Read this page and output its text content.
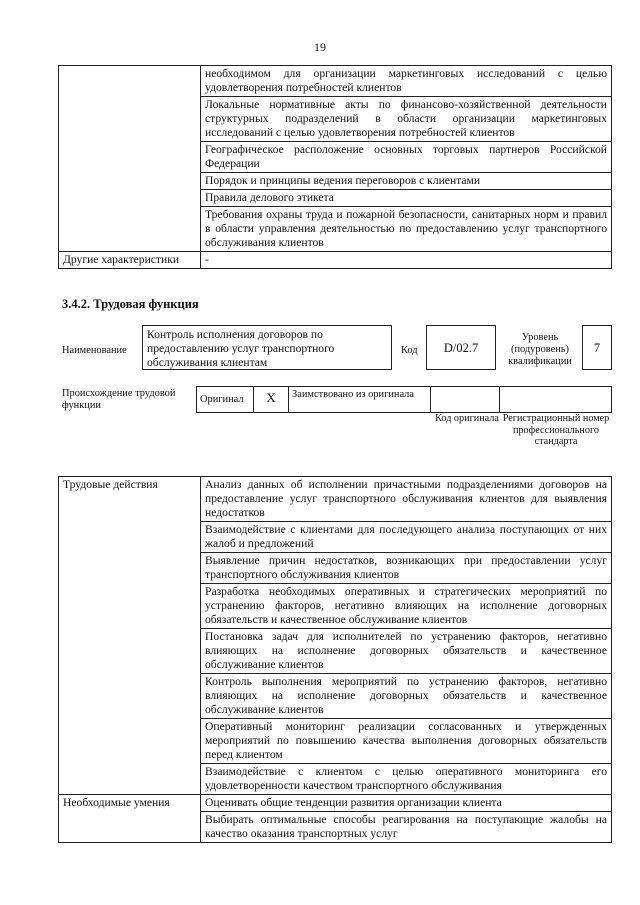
19
	необходимом для организации маркетинговых исследований с целью удовлетворения потребностей клиентов
	Локальные нормативные акты по финансово-хозяйственной деятельности структурных подразделений в области организации маркетинговых исследований с целью удовлетворения потребностей клиентов
	Географическое расположение основных торговых партнеров Российской Федерации
	Порядок и принципы ведения переговоров с клиентами
	Правила делового этикета
	Требования охраны труда и пожарной безопасности, санитарных норм и правил в области управления деятельностью по предоставлению услуг транспортного обслуживания клиентов
Другие характеристики	-
3.4.2. Трудовая функция
Наименование
Контроль исполнения договоров по предоставлению услуг транспортного обслуживания клиентам
Код	D/02.7
Уровень (подуровень) квалификации
7
Происхождение трудовой функции
Оригинал	X	Заимствовано из оригинала
Код оригинала Регистрационный номер профессионального стандарта
Трудовые действия	Анализ данных об исполнении причастными подразделениями договоров на предоставление услуг транспортного обслуживания клиентов для выявления недостатков
	Взаимодействие с клиентами для последующего анализа поступающих от них жалоб и предложений
	Выявление причин недостатков, возникающих при предоставлении услуг транспортного обслуживания клиентов
	Разработка необходимых оперативных и стратегических мероприятий по устранению факторов, негативно влияющих на исполнение договорных обязательств и качественное обслуживание клиентов
	Постановка задач для исполнителей по устранению факторов, негативно влияющих на исполнение договорных обязательств и качественное обслуживание клиентов
	Контроль выполнения мероприятий по устранению факторов, негативно влияющих на исполнение договорных обязательств и качественное обслуживание клиентов
	Оперативный мониторинг реализации согласованных и утвержденных мероприятий по повышению качества выполнения договорных обязательств перед клиентом
	Взаимодействие с клиентом с целью оперативного мониторинга его удовлетворенности качеством транспортного обслуживания
Необходимые умения	Оценивать общие тенденции развития организации клиента
	Выбирать оптимальные способы реагирования на поступающие жалобы на качество оказания транспортных услуг
